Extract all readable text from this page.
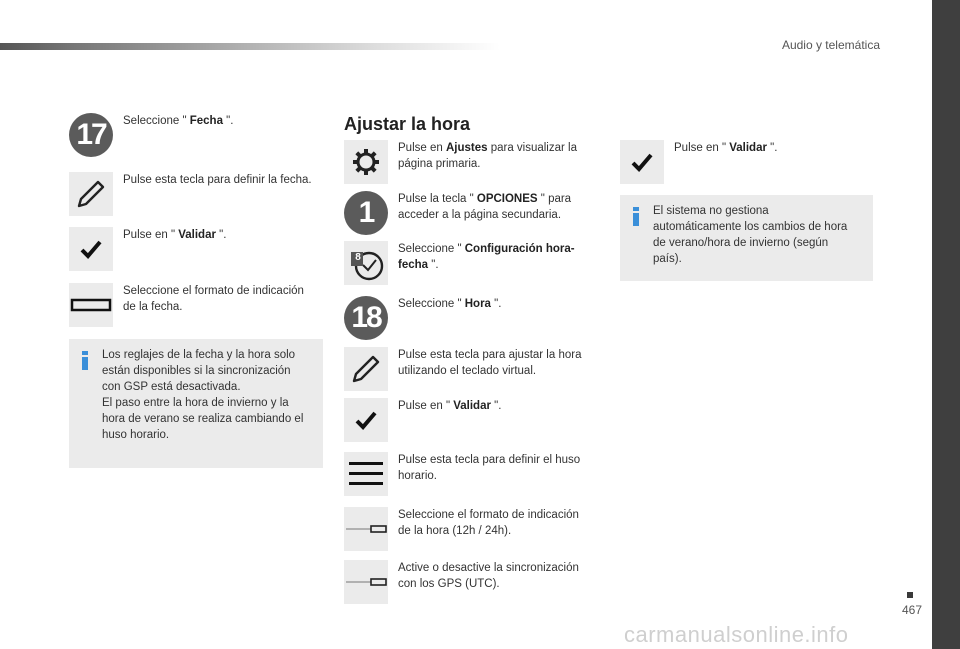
Audio y telemática
17	Seleccione " Fecha ".
Pulse esta tecla para definir la fecha.
Pulse en " Validar ".
Seleccione el formato de indicación de la fecha.
Los reglajes de la fecha y la hora solo
están disponibles si la sincronización
con GSP está desactivada.
El paso entre la hora de invierno y la
hora de verano se realiza cambiando el
huso horario.
Ajustar la hora
Pulse en Ajustes para visualizar la página primaria.
1	Pulse la tecla " OPCIONES " para acceder a la página secundaria.
8
Seleccione " Configuración hora-fecha ".
18	Seleccione " Hora ".
Pulse esta tecla para ajustar la hora utilizando el teclado virtual.
Pulse en " Validar ".
Pulse esta tecla para definir el huso horario.
Seleccione el formato de indicación de la hora (12h / 24h).
Active o desactive la sincronización con los GPS (UTC).
Pulse en " Validar ".
El sistema no gestiona
automáticamente los cambios de hora
de verano/hora de invierno (según
país).
467
carmanualsonline.info
